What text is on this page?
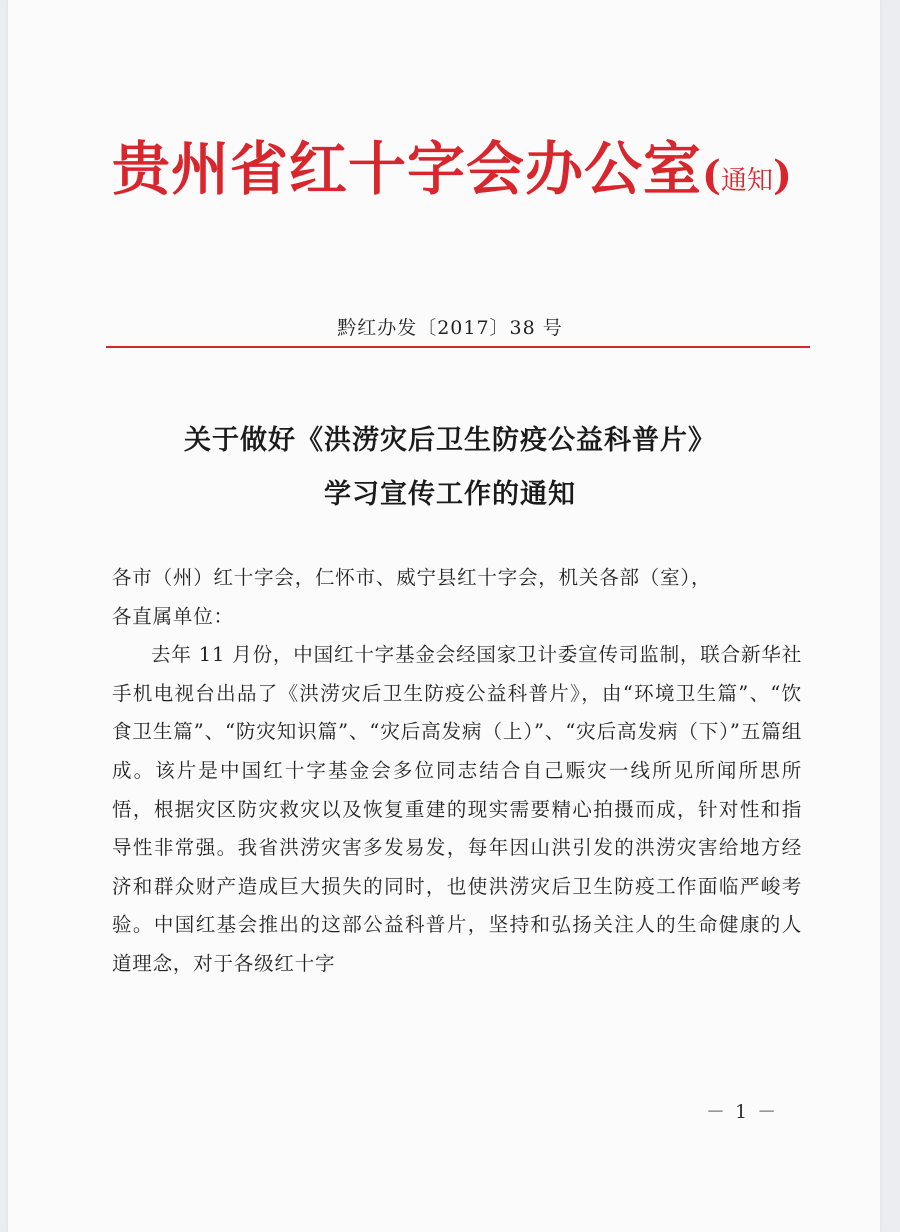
贵州省红十字会办公室(通知)
黔红办发〔2017〕38 号
关于做好《洪涝灾后卫生防疫公益科普片》
学习宣传工作的通知

各市（州）红十字会，仁怀市、威宁县红十字会，机关各部（室），

各直属单位：

去年 11 月份，中国红十字基金会经国家卫计委宣传司监制，联合新华社手机电视台出品了《洪涝灾后卫生防疫公益科普片》，由“环境卫生篇”、“饮食卫生篇”、“防灾知识篇”、“灾后高发病（上）”、“灾后高发病（下）”五篇组成。该片是中国红十字基金会多位同志结合自己赈灾一线所见所闻所思所悟，根据灾区防灾救灾以及恢复重建的现实需要精心拍摄而成，针对性和指导性非常强。我省洪涝灾害多发易发，每年因山洪引发的洪涝灾害给地方经济和群众财产造成巨大损失的同时，也使洪涝灾后卫生防疫工作面临严峻考验。中国红基会推出的这部公益科普片，坚持和弘扬关注人的生命健康的人道理念，对于各级红十字

－ 1 －
